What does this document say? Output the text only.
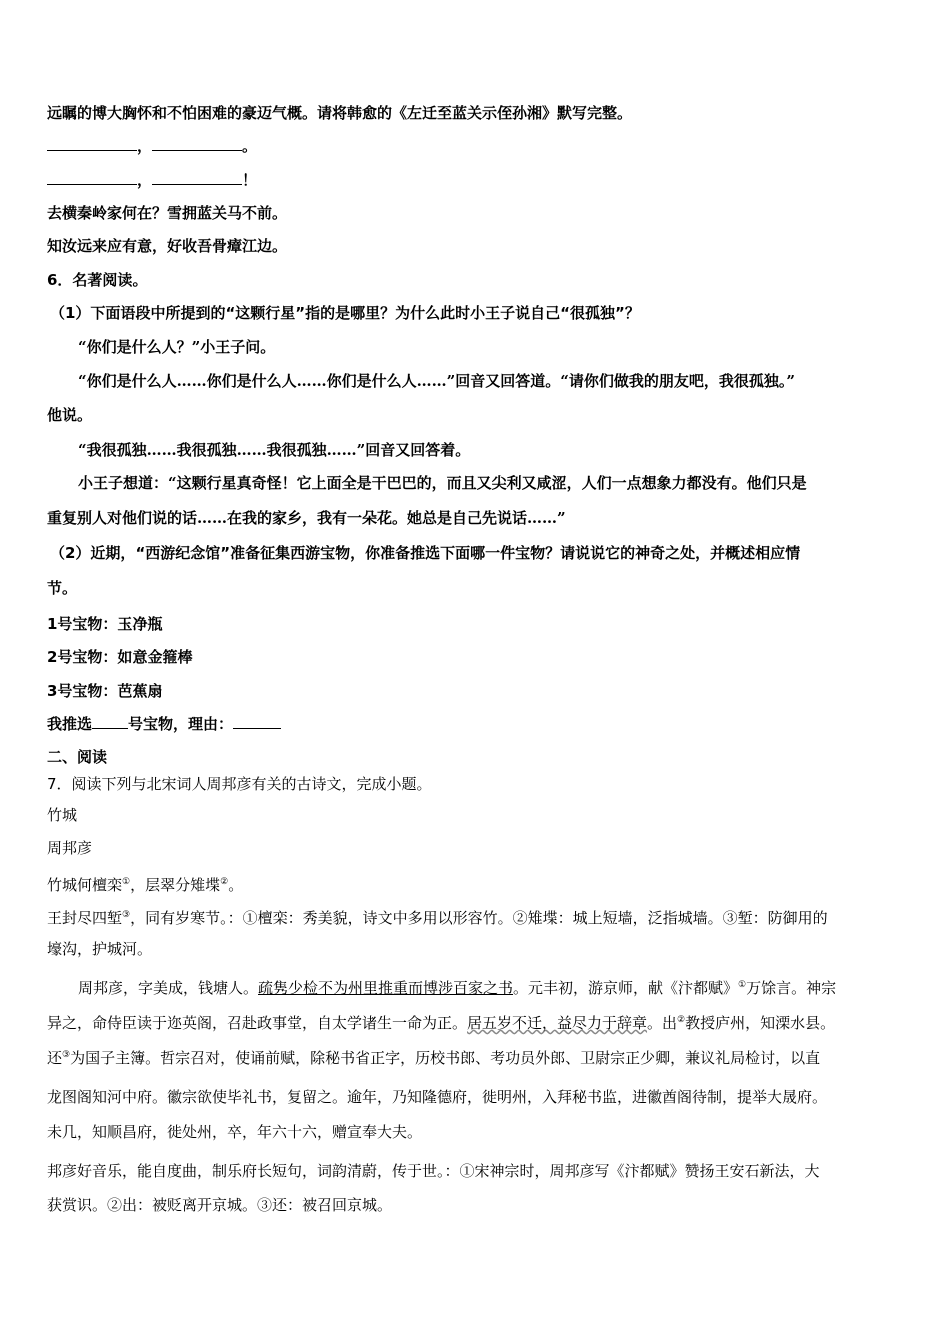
远瞩的博大胸怀和不怕困难的豪迈气概。请将韩愈的《左迁至蓝关示侄孙湘》默写完整。
，	。
，	！
去横秦岭家何在？雪拥蓝关马不前。
知汝远来应有意，好收吾骨瘴江边。
6．名著阅读。
（1）下面语段中所提到的“这颗行星”指的是哪里？为什么此时小王子说自己“很孤独”？
“你们是什么人？”小王子问。
“你们是什么人……你们是什么人……你们是什么人……”回音又回答道。“请你们做我的朋友吧，我很孤独。”
他说。
“我很孤独……我很孤独……我很孤独……”回音又回答着。
小王子想道：“这颗行星真奇怪！它上面全是干巴巴的，而且又尖利又咸涩，人们一点想象力都没有。他们只是
重复别人对他们说的话……在我的家乡，我有一朵花。她总是自己先说话……”
（2）近期，“西游纪念馆”准备征集西游宝物，你准备推选下面哪一件宝物？请说说它的神奇之处，并概述相应情
节。
1号宝物：玉净瓶
2号宝物：如意金箍棒
3号宝物：芭蕉扇
我推选 号宝物，理由：
二、阅读
7．阅读下列与北宋词人周邦彦有关的古诗文，完成小题。
竹城
周邦彦
竹城何檀栾①，层翠分雉堞②。
王封尽四堑③，同有岁寒节。：①檀栾：秀美貌，诗文中多用以形容竹。②雉堞：城上短墙，泛指城墙。③堑：防御用的
壕沟，护城河。
周邦彦，字美成，钱塘人。疏隽少检不为州里推重而博涉百家之书。元丰初，游京师，献《汴都赋》①万馀言。神宗
异之，命侍臣读于迩英阁，召赴政事堂，自太学诸生一命为正。居五岁不迁，益尽力于辞章。出②教授庐州，知溧水县。
还③为国子主簿。哲宗召对，使诵前赋，除秘书省正字，历校书郎、考功员外郎、卫尉宗正少卿，兼议礼局检讨，以直
龙图阁知河中府。徽宗欲使毕礼书，复留之。逾年，乃知隆德府，徙明州，入拜秘书监，进徽酋阁待制，提举大晟府。
未几，知顺昌府，徙处州，卒，年六十六，赠宣奉大夫。
邦彦好音乐，能自度曲，制乐府长短句，词韵清蔚，传于世。：①宋神宗时，周邦彦写《汴都赋》赞扬王安石新法，大
获赏识。②出：被贬离开京城。③还：被召回京城。
